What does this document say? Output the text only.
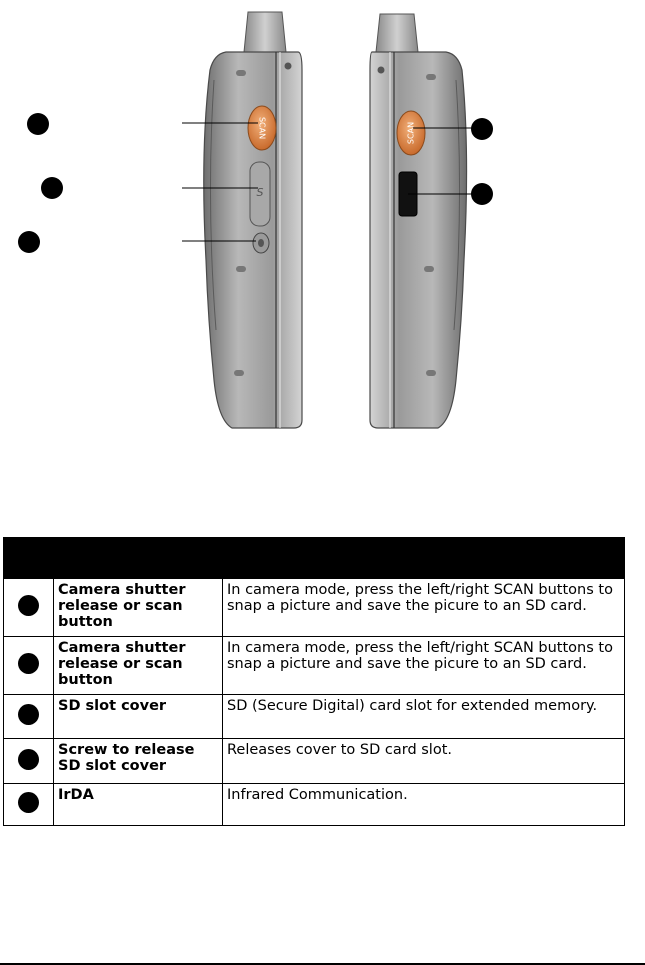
SCAN
S
SCAN

	Camera shutter release or scan button	In camera mode, press the left/right SCAN buttons to snap a picture and save the picure to an SD card.
	Camera shutter release or scan button	In camera mode, press the left/right SCAN buttons to snap a picture and save the picure to an SD card.
	SD slot cover	SD (Secure Digital) card slot for extended memory.
	Screw to release SD slot cover	Releases cover to SD card slot.
	IrDA	Infrared Communication.
